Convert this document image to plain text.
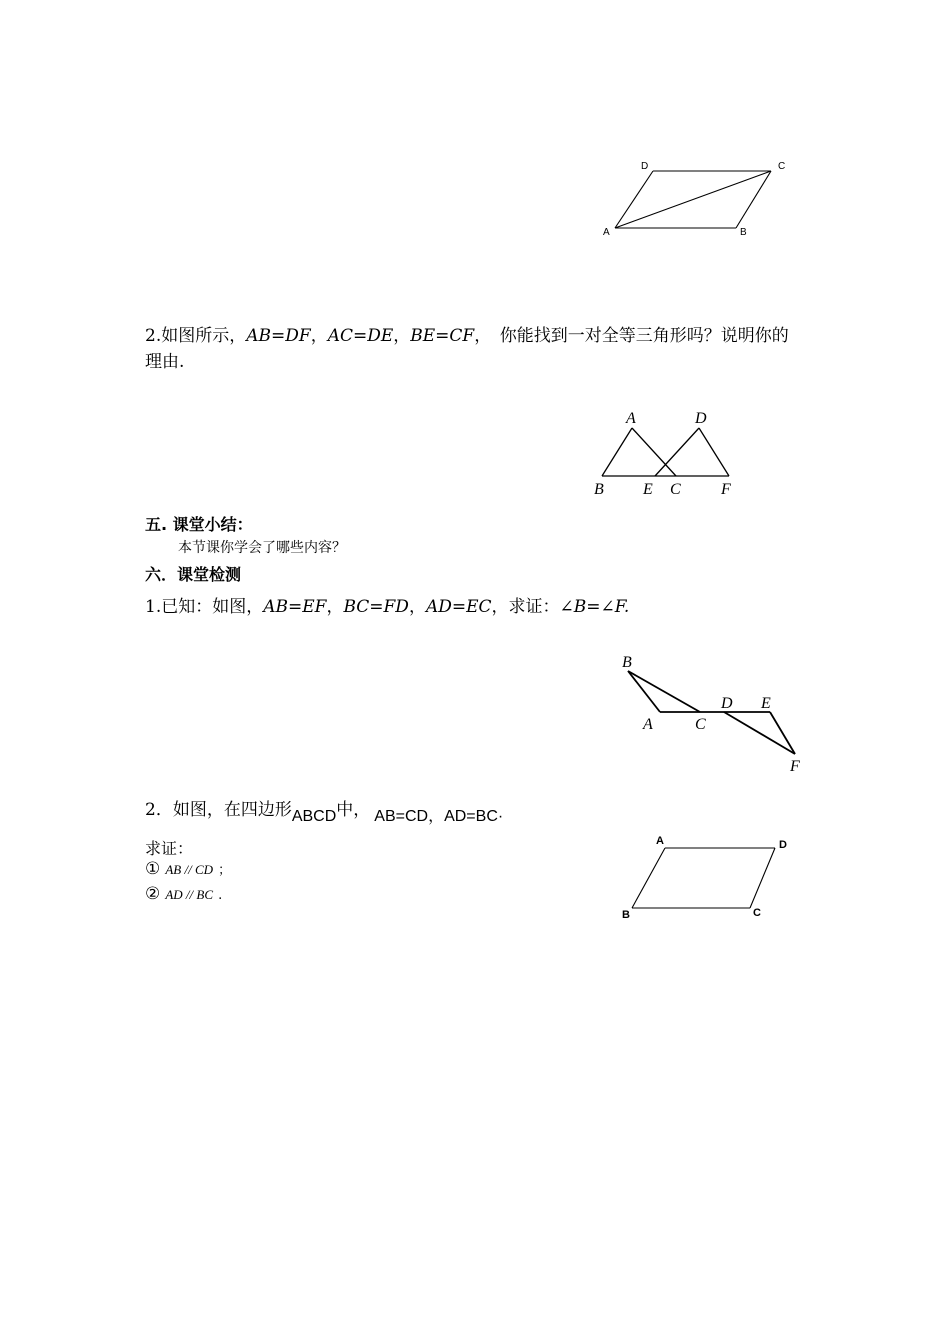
D	C
A	B
2.如图所示，AB=DF，AC=DE，BE=CF，　你能找到一对全等三角形吗？说明你的
理由.
A	D
B E C	F
五. 课堂小结：
本节课你学会了哪些内容？
六．课堂检测
1.已知：如图，AB=EF，BC=FD，AD=EC，求证：∠B=∠F.
B
A	C
D E
F
2．如图，在四边形ABCD中， AB=CD，AD=BC·
求证：
① AB // CD ；
② AD // BC .
A	D
B	C
